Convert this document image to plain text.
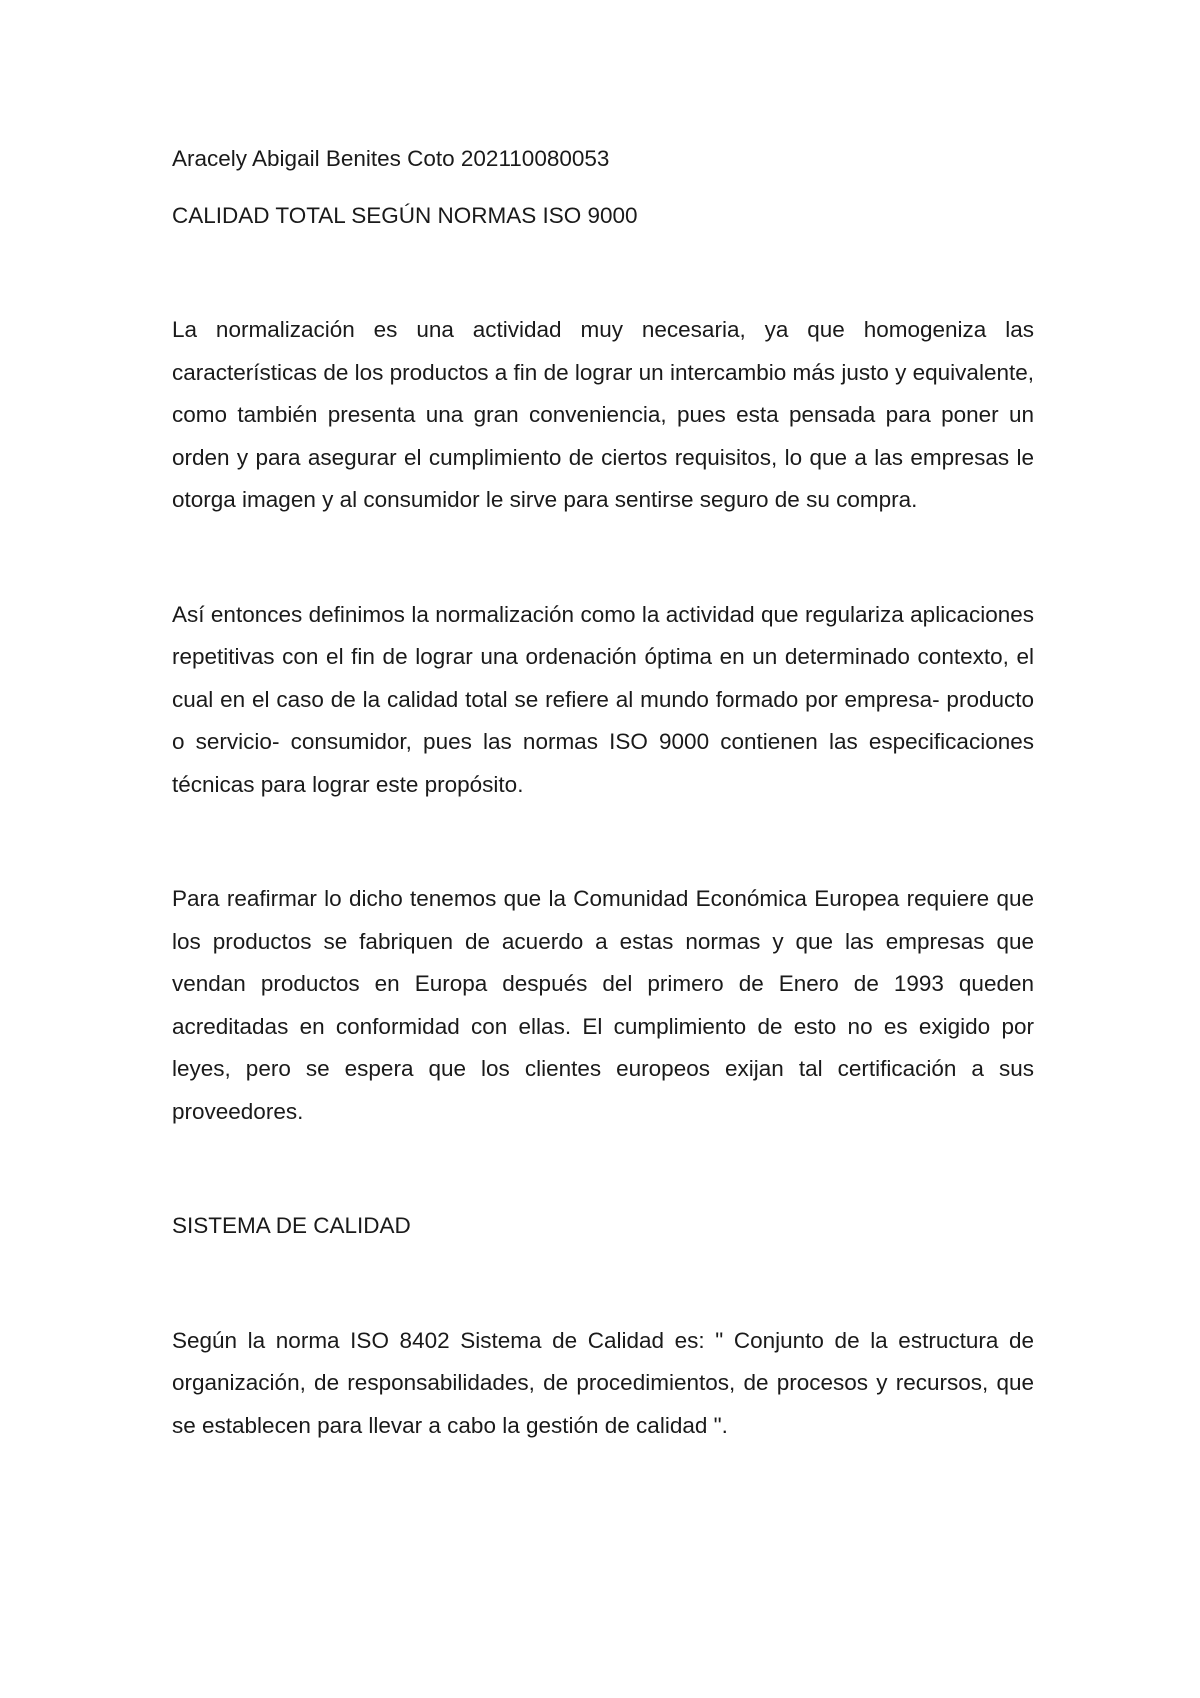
Aracely Abigail Benites Coto 202110080053

CALIDAD TOTAL SEGÚN NORMAS ISO 9000

La normalización es una actividad muy necesaria, ya que homogeniza las características de los productos a fin de lograr un intercambio más justo y equivalente, como también presenta una gran conveniencia, pues esta pensada para poner un orden y para asegurar el cumplimiento de ciertos requisitos, lo que a las empresas le otorga imagen y al consumidor le sirve para sentirse seguro de su compra.

Así entonces definimos la normalización como la actividad que regulariza aplicaciones repetitivas con el fin de lograr una ordenación óptima en un determinado contexto, el cual en el caso de la calidad total se refiere al mundo formado por empresa- producto o servicio- consumidor, pues las normas ISO 9000 contienen las especificaciones técnicas para lograr este propósito.

Para reafirmar lo dicho tenemos que la Comunidad Económica Europea requiere que los productos se fabriquen de acuerdo a estas normas y que las empresas que vendan productos en Europa después del primero de Enero de 1993 queden acreditadas en conformidad con ellas. El cumplimiento de esto no es exigido por leyes, pero se espera que los clientes europeos exijan tal certificación a sus proveedores.

SISTEMA DE CALIDAD

Según la norma ISO 8402 Sistema de Calidad es: " Conjunto de la estructura de organización, de responsabilidades, de procedimientos, de procesos y recursos, que se establecen para llevar a cabo la gestión de calidad ".
